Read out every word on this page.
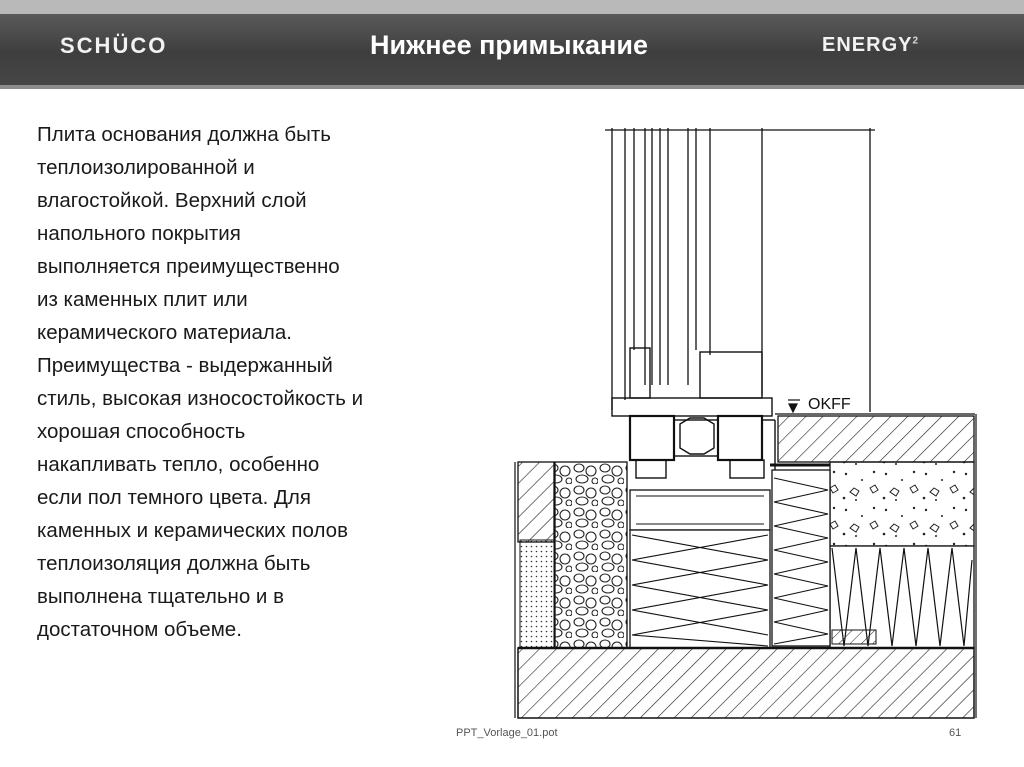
SCHÜCO	Нижнее примыкание	ENERGY$^2$
Плита основания должна быть
теплоизолированной и
влагостойкой. Верхний слой
напольного покрытия
выполняется преимущественно
из каменных плит или
керамического материала.
Преимущества - выдержанный
стиль, высокая износостойкость и
хорошая способность
накапливать тепло, особенно
если пол темного цвета. Для
каменных и керамических полов
теплоизоляция должна быть
выполнена тщательно и в
достаточном объеме.
OKFF
PPT_Vorlage_01.pot	61
